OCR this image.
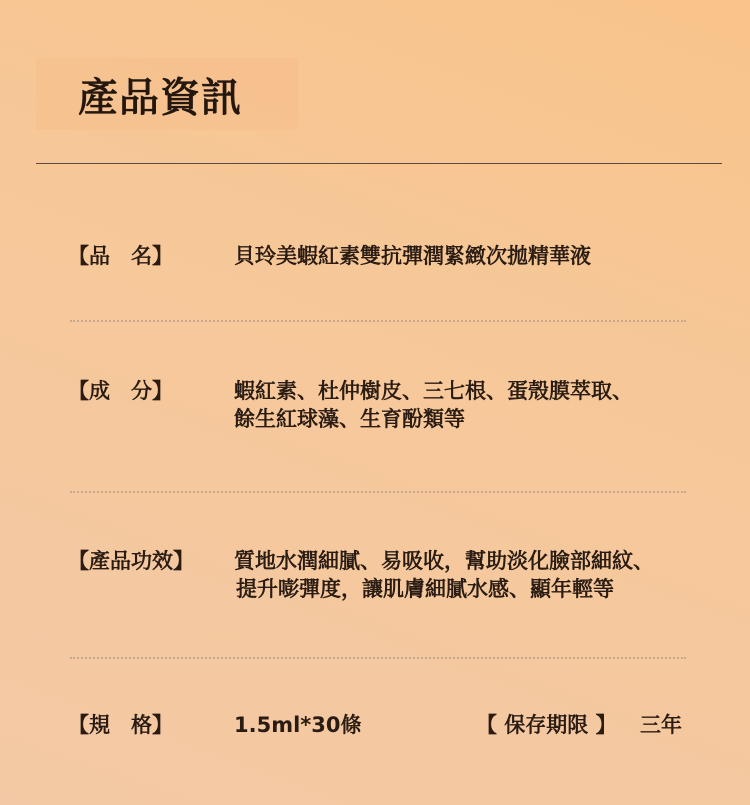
產品資訊
【品　名】	貝玲美蝦紅素雙抗彈潤緊緻次拋精華液
【成　分】	蝦紅素、杜仲樹皮、三七根、蛋殼膜萃取、
餘生紅球藻、生育酚類等
【產品功效】 質地水潤細膩、易吸收，幫助淡化臉部細紋、
提升嘭彈度，讓肌膚細膩水感、顯年輕等
【規　格】	1.5ml*30條	【 保存期限 】 三年
